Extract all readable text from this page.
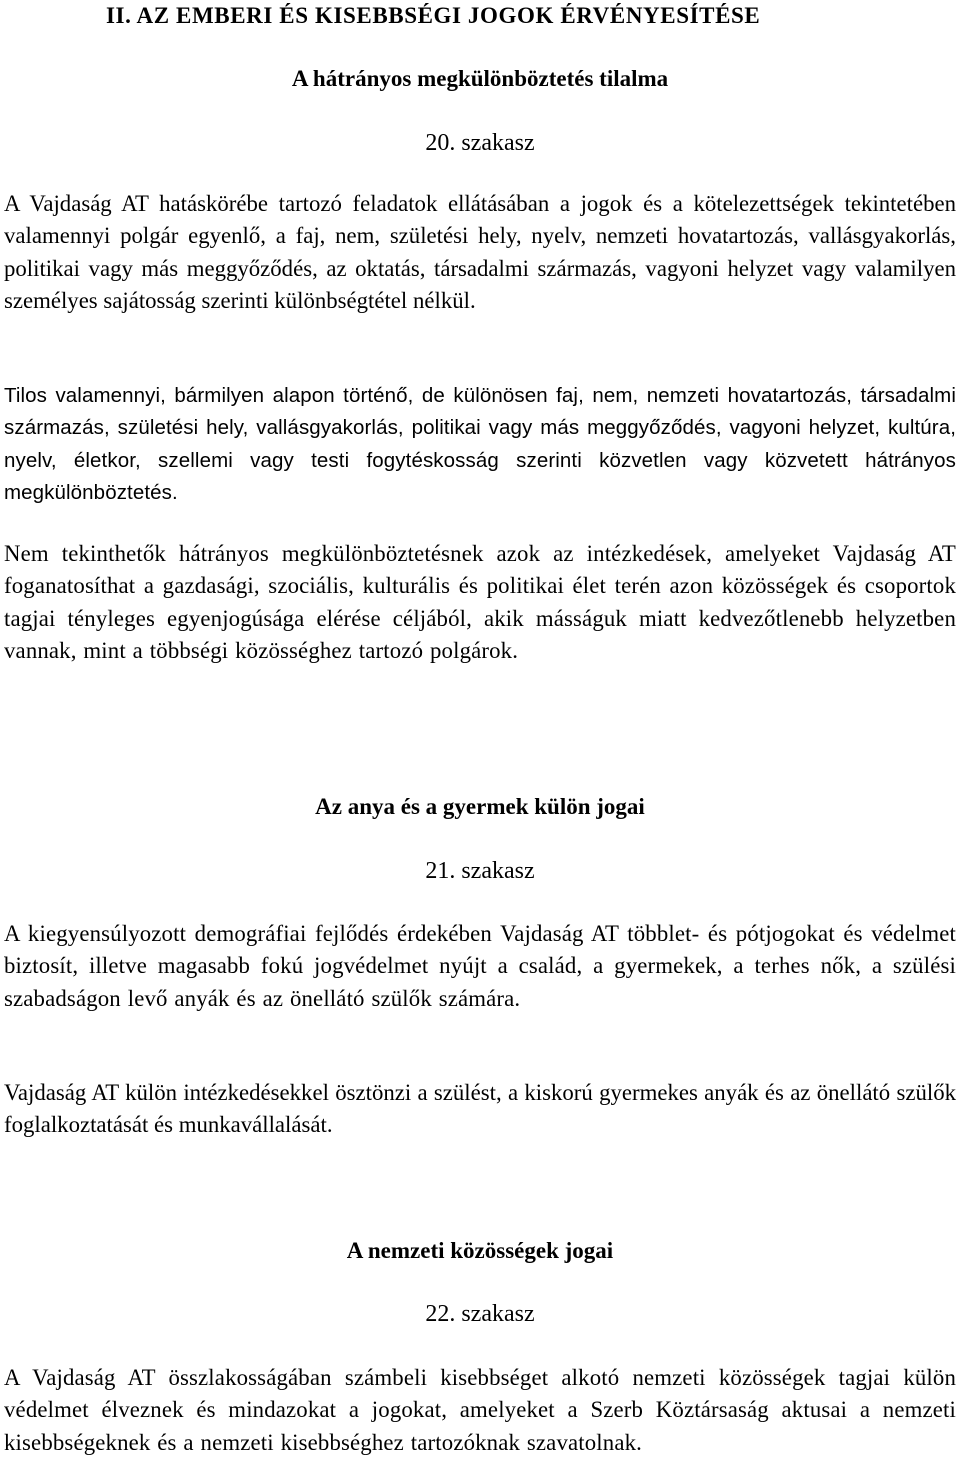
II. AZ EMBERI ÉS KISEBBSÉGI JOGOK ÉRVÉNYESÍTÉSE
A hátrányos megkülönböztetés tilalma
20. szakasz

A Vajdaság AT hatáskörébe tartozó feladatok ellátásában a jogok és a kötelezettségek tekintetében valamennyi polgár egyenlő, a faj, nem, születési hely, nyelv, nemzeti hovatartozás, vallásgyakorlás, politikai vagy más meggyőződés, az oktatás, társadalmi származás, vagyoni helyzet vagy valamilyen személyes sajátosság szerinti különbségtétel nélkül.

Tilos valamennyi, bármilyen alapon történő, de különösen faj, nem, nemzeti hovatartozás, társadalmi származás, születési hely, vallásgyakorlás, politikai vagy más meggyőződés, vagyoni helyzet, kultúra, nyelv, életkor, szellemi vagy testi fogytéskosság szerinti közvetlen vagy közvetett hátrányos megkülönböztetés.

Nem tekinthetők hátrányos megkülönböztetésnek azok az intézkedések, amelyeket Vajdaság AT foganatosíthat a gazdasági, szociális, kulturális és politikai élet terén azon közösségek és csoportok tagjai tényleges egyenjogúsága elérése céljából, akik másságuk miatt kedvezőtlenebb helyzetben vannak, mint a többségi közösséghez tartozó polgárok.

Az anya és a gyermek külön jogai
21. szakasz

A kiegyensúlyozott demográfiai fejlődés érdekében Vajdaság AT többlet- és pótjogokat és védelmet biztosít, illetve magasabb fokú jogvédelmet nyújt a család, a gyermekek, a terhes nők, a szülési szabadságon levő anyák és az önellátó szülők számára.

Vajdaság AT külön intézkedésekkel ösztönzi a szülést, a kiskorú gyermekes anyák és az önellátó szülők foglalkoztatását és munkavállalását.

A nemzeti közösségek jogai
22. szakasz

A Vajdaság AT összlakosságában számbeli kisebbséget alkotó nemzeti közösségek tagjai külön védelmet élveznek és mindazokat a jogokat, amelyeket a Szerb Köztársaság aktusai a nemzeti kisebbségeknek és a nemzeti kisebbséghez tartozóknak szavatolnak.
